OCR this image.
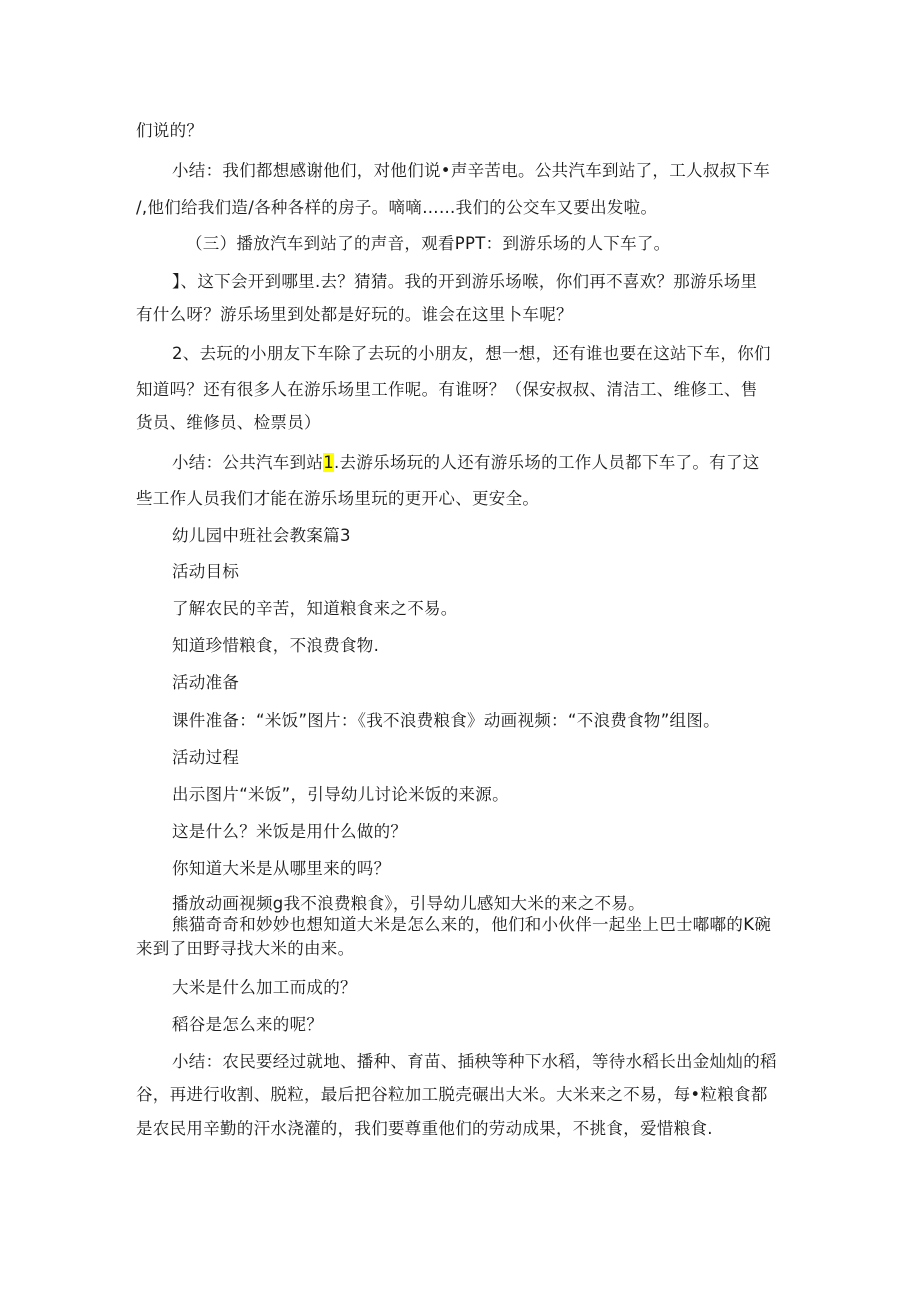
们说的？
小结：我们都想感谢他们，对他们说•声辛苦电。公共汽车到站了，工人叔叔下车
/,他们给我们造/各种各样的房子。嘀嘀……我们的公交车又要出发啦。
（三）播放汽车到站了的声音，观看PPT：到游乐场的人下车了。
】、这下会开到哪里.去？猜猜。我的开到游乐场喉，你们再不喜欢？那游乐场里
有什么呀？游乐场里到处都是好玩的。谁会在这里卜车呢？
2、去玩的小朋友下车除了去玩的小朋友，想一想，还有谁也要在这站下车，你们
知道吗？还有很多人在游乐场里工作呢。有谁呀？（保安叔叔、清洁工、维修工、售
货员、维修员、检票员）
小结：公共汽车到站1.去游乐场玩的人还有游乐场的工作人员都下车了。有了这
些工作人员我们才能在游乐场里玩的更开心、更安全。
幼儿园中班社会教案篇3
活动目标
了解农民的辛苦，知道粮食来之不易。
知道珍惜粮食，不浪费食物.
活动准备
课件准备：“米饭”图片：《我不浪费粮食》动画视频：“不浪费食物”组图。
活动过程
出示图片“米饭”，引导幼儿讨论米饭的来源。
这是什么？米饭是用什么做的？
你知道大米是从哪里来的吗？
播放动画视频g我不浪费粮食》，引导幼儿感知大米的来之不易。
熊猫奇奇和妙妙也想知道大米是怎么来的，他们和小伙伴一起坐上巴士嘟嘟的K碗
来到了田野寻找大米的由来。
大米是什么加工而成的？
稻谷是怎么来的呢？
小结：农民要经过就地、播种、育苗、插秧等种下水稻，等待水稻长出金灿灿的稻
谷，再进行收割、脱粒，最后把谷粒加工脱壳碾出大米。大米来之不易，每•粒粮食都
是农民用辛勤的汗水浇灌的，我们要尊重他们的劳动成果，不挑食，爱惜粮食.
